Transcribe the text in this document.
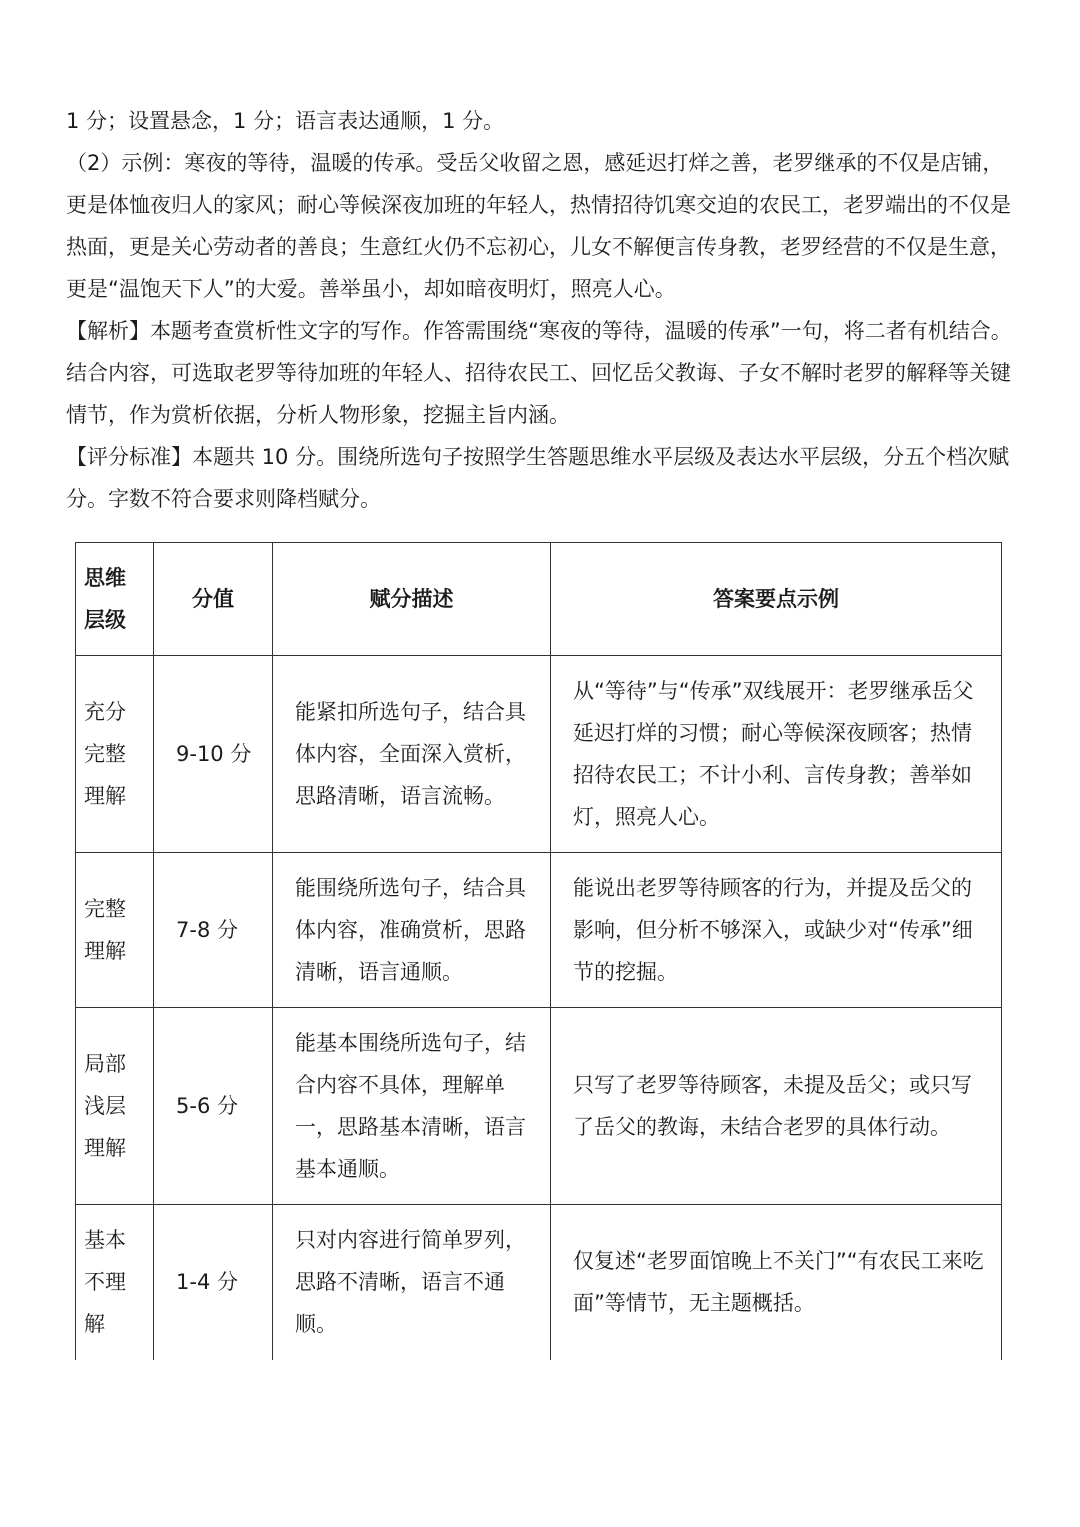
1 分；设置悬念，1 分；语言表达通顺，1 分。

（2）示例：寒夜的等待，温暖的传承。受岳父收留之恩，感延迟打烊之善，老罗继承的不仅是店铺，更是体恤夜归人的家风；耐心等候深夜加班的年轻人，热情招待饥寒交迫的农民工，老罗端出的不仅是热面，更是关心劳动者的善良；生意红火仍不忘初心，儿女不解便言传身教，老罗经营的不仅是生意，更是“温饱天下人”的大爱。善举虽小，却如暗夜明灯，照亮人心。

【解析】本题考查赏析性文字的写作。作答需围绕“寒夜的等待，温暖的传承”一句，将二者有机结合。结合内容，可选取老罗等待加班的年轻人、招待农民工、回忆岳父教诲、子女不解时老罗的解释等关键情节，作为赏析依据，分析人物形象，挖掘主旨内涵。

【评分标准】本题共 10 分。围绕所选句子按照学生答题思维水平层级及表达水平层级，分五个档次赋分。字数不符合要求则降档赋分。

思维层级	分值	赋分描述	答案要点示例

充分完整理解	9-10 分	能紧扣所选句子，结合具体内容，全面深入赏析，思路清晰，语言流畅。	从“等待”与“传承”双线展开：老罗继承岳父延迟打烊的习惯；耐心等候深夜顾客；热情招待农民工；不计小利、言传身教；善举如灯，照亮人心。

完整理解	7-8 分	能围绕所选句子，结合具体内容，准确赏析，思路清晰，语言通顺。	能说出老罗等待顾客的行为，并提及岳父的影响，但分析不够深入，或缺少对“传承”细节的挖掘。

局部浅层理解	5-6 分	能基本围绕所选句子，结合内容不具体，理解单一，思路基本清晰，语言基本通顺。	只写了老罗等待顾客，未提及岳父；或只写了岳父的教诲，未结合老罗的具体行动。

基本不理解	1-4 分	只对内容进行简单罗列，思路不清晰，语言不通顺。	仅复述“老罗面馆晚上不关门”“有农民工来吃面”等情节，无主题概括。
